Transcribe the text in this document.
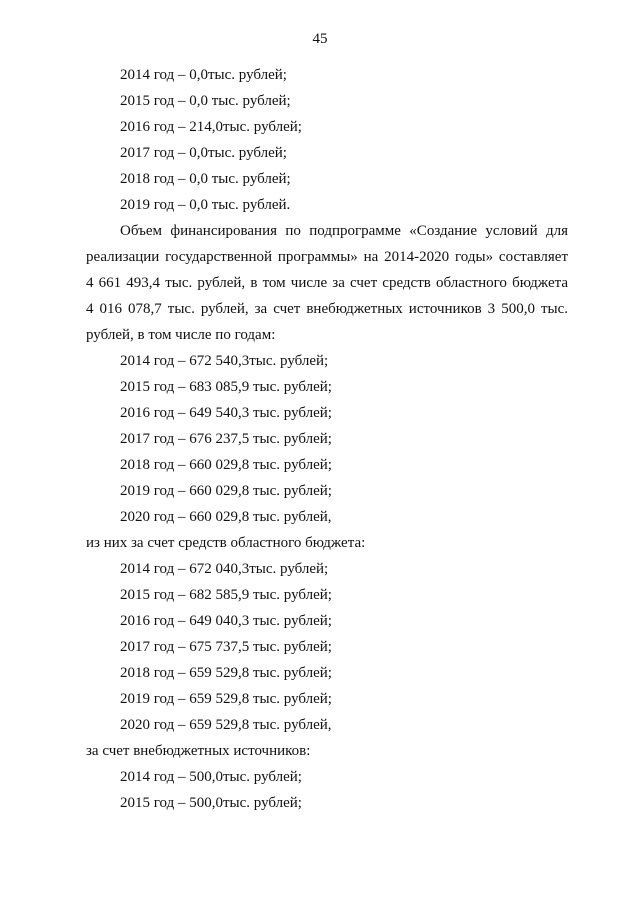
45
2014 год – 0,0тыс. рублей;
2015 год – 0,0 тыс. рублей;
2016 год – 214,0тыс. рублей;
2017 год – 0,0тыс. рублей;
2018 год – 0,0 тыс. рублей;
2019 год – 0,0 тыс. рублей.
Объем финансирования по подпрограмме «Создание условий для
реализации государственной программы» на 2014-2020 годы» составляет
4 661 493,4 тыс. рублей, в том числе за счет средств областного бюджета
4 016 078,7 тыс. рублей, за счет внебюджетных источников 3 500,0 тыс.
рублей, в том числе по годам:
2014 год – 672 540,3тыс. рублей;
2015 год – 683 085,9 тыс. рублей;
2016 год – 649 540,3 тыс. рублей;
2017 год – 676 237,5 тыс. рублей;
2018 год – 660 029,8 тыс. рублей;
2019 год – 660 029,8 тыс. рублей;
2020 год – 660 029,8 тыс. рублей,
из них за счет средств областного бюджета:
2014 год – 672 040,3тыс. рублей;
2015 год – 682 585,9 тыс. рублей;
2016 год – 649 040,3 тыс. рублей;
2017 год – 675 737,5 тыс. рублей;
2018 год – 659 529,8 тыс. рублей;
2019 год – 659 529,8 тыс. рублей;
2020 год – 659 529,8 тыс. рублей,
за счет внебюджетных источников:
2014 год – 500,0тыс. рублей;
2015 год – 500,0тыс. рублей;
